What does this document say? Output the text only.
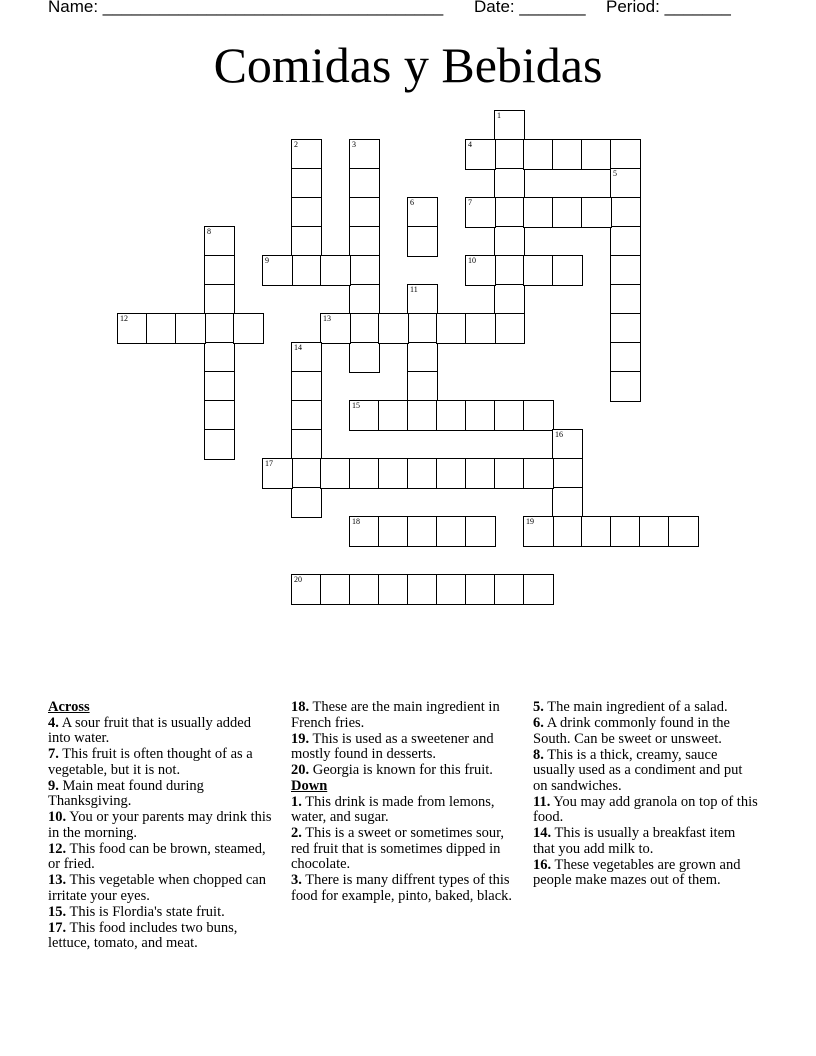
Name: ____________________________________

Date: _______

Period: _______

Comidas y Bebidas
1
2	3	4
5
6	7
8
9	10
11
12	13
14
15
16
17
18	19
20
Across
4. A sour fruit that is usually added into water.
7. This fruit is often thought of as a vegetable, but it is not.
9. Main meat found during Thanksgiving.
10. You or your parents may drink this in the morning.
12. This food can be brown, steamed, or fried.
13. This vegetable when chopped can irritate your eyes.
15. This is Flordia's state fruit.
17. This food includes two buns, lettuce, tomato, and meat.
18. These are the main ingredient in French fries.
19. This is used as a sweetener and mostly found in desserts.
20. Georgia is known for this fruit.
Down
1. This drink is made from lemons, water, and sugar.
2. This is a sweet or sometimes sour, red fruit that is sometimes dipped in chocolate.
3. There is many diffrent types of this food for example, pinto, baked, black.
5. The main ingredient of a salad.
6. A drink commonly found in the South. Can be sweet or unsweet.
8. This is a thick, creamy, sauce usually used as a condiment and put on sandwiches.
11. You may add granola on top of this food.
14. This is usually a breakfast item that you add milk to.
16. These vegetables are grown and people make mazes out of them.
